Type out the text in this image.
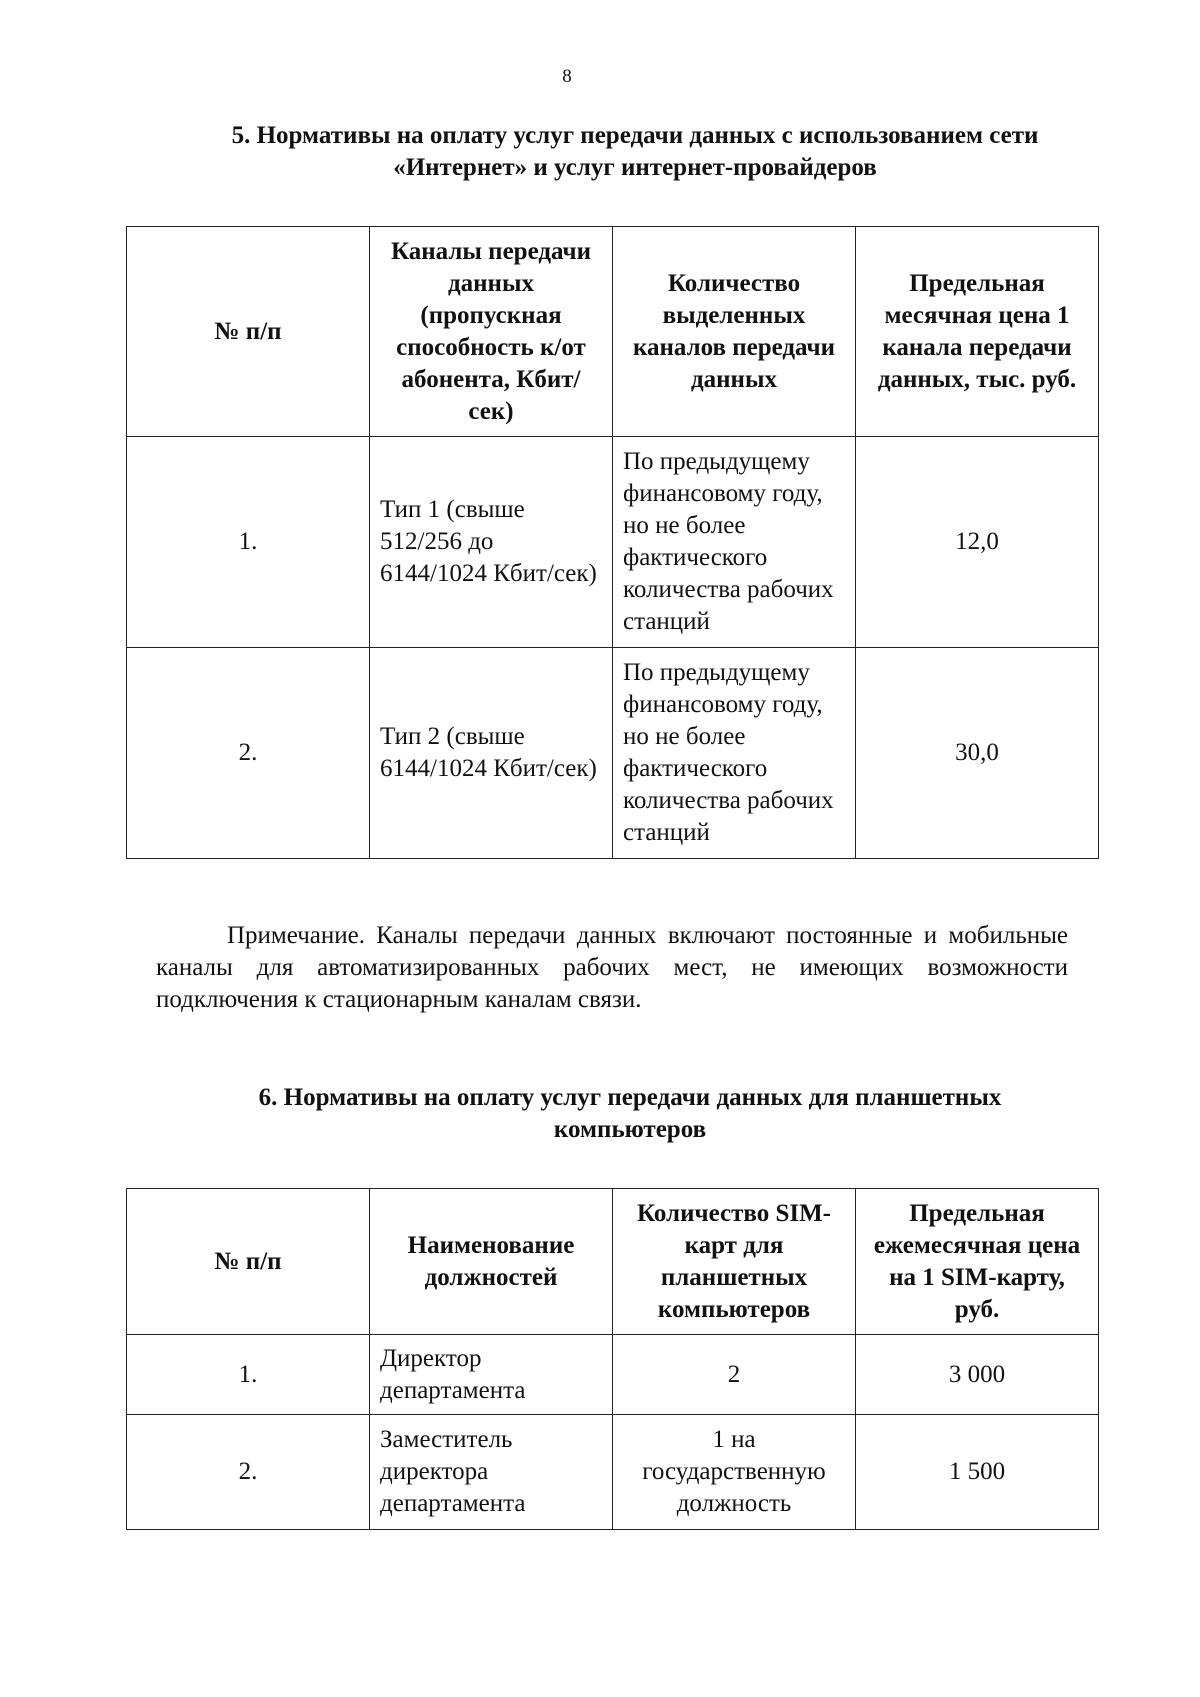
8
5. Нормативы на оплату услуг передачи данных с использованием сети «Интернет» и услуг интернет-провайдеров
№ п/п	Каналы передачи данных (пропускная способность к/от абонента, Кбит/сек)	Количество выделенных каналов передачи данных	Предельная месячная цена 1 канала передачи данных, тыс. руб.
1.	Тип 1 (свыше 512/256 до 6144/1024 Кбит/сек)	По предыдущему финансовому году, но не более фактического количества рабочих станций	12,0
2.	Тип 2 (свыше 6144/1024 Кбит/сек)	По предыдущему финансовому году, но не более фактического количества рабочих станций	30,0

Примечание. Каналы передачи данных включают постоянные и мобильные каналы для автоматизированных рабочих мест, не имеющих возможности подключения к стационарным каналам связи.

6. Нормативы на оплату услуг передачи данных для планшетных компьютеров
№ п/п	Наименование должностей	Количество SIM-карт для планшетных компьютеров	Предельная ежемесячная цена на 1 SIM-карту, руб.
1.	Директор департамента	2	3 000
2.	Заместитель директора департамента	1 на государственную должность	1 500
